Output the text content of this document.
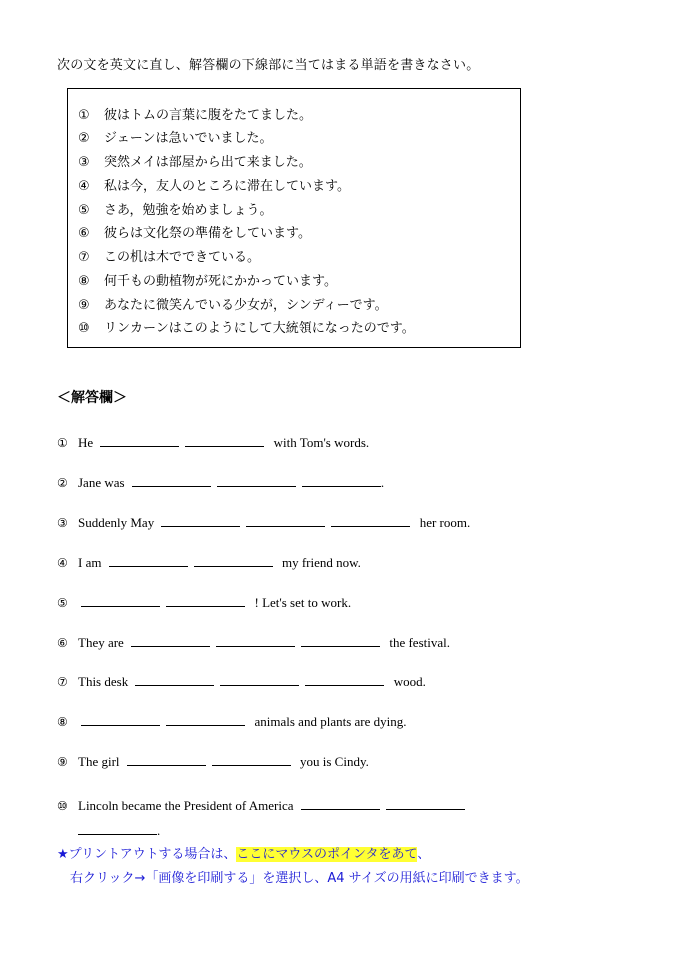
次の文を英文に直し、解答欄の下線部に当てはまる単語を書きなさい。
① 彼はトムの言葉に腹をたてました。
② ジェーンは急いでいました。
③ 突然メイは部屋から出て来ました。
④ 私は今，友人のところに滞在しています。
⑤ さあ，勉強を始めましょう。
⑥ 彼らは文化祭の準備をしています。
⑦ この机は木でできている。
⑧ 何千もの動植物が死にかかっています。
⑨ あなたに微笑んでいる少女が，シンディーです。
⑩ リンカーンはこのようにして大統領になったのです。
＜解答欄＞
① He	with Tom's words.
② Jane was	.
③ Suddenly May	her room.
④ I am	my friend now.
⑤	! Let's set to work.
⑥ They are	the festival.
⑦ This desk	wood.
⑧	animals and plants are dying.
⑨ The girl	you is Cindy.
⑩ Lincoln became the President of America
.
★プリントアウトする場合は、ここにマウスのポインタをあて、
右クリック→「画像を印刷する」を選択し、A4 サイズの用紙に印刷できます。
